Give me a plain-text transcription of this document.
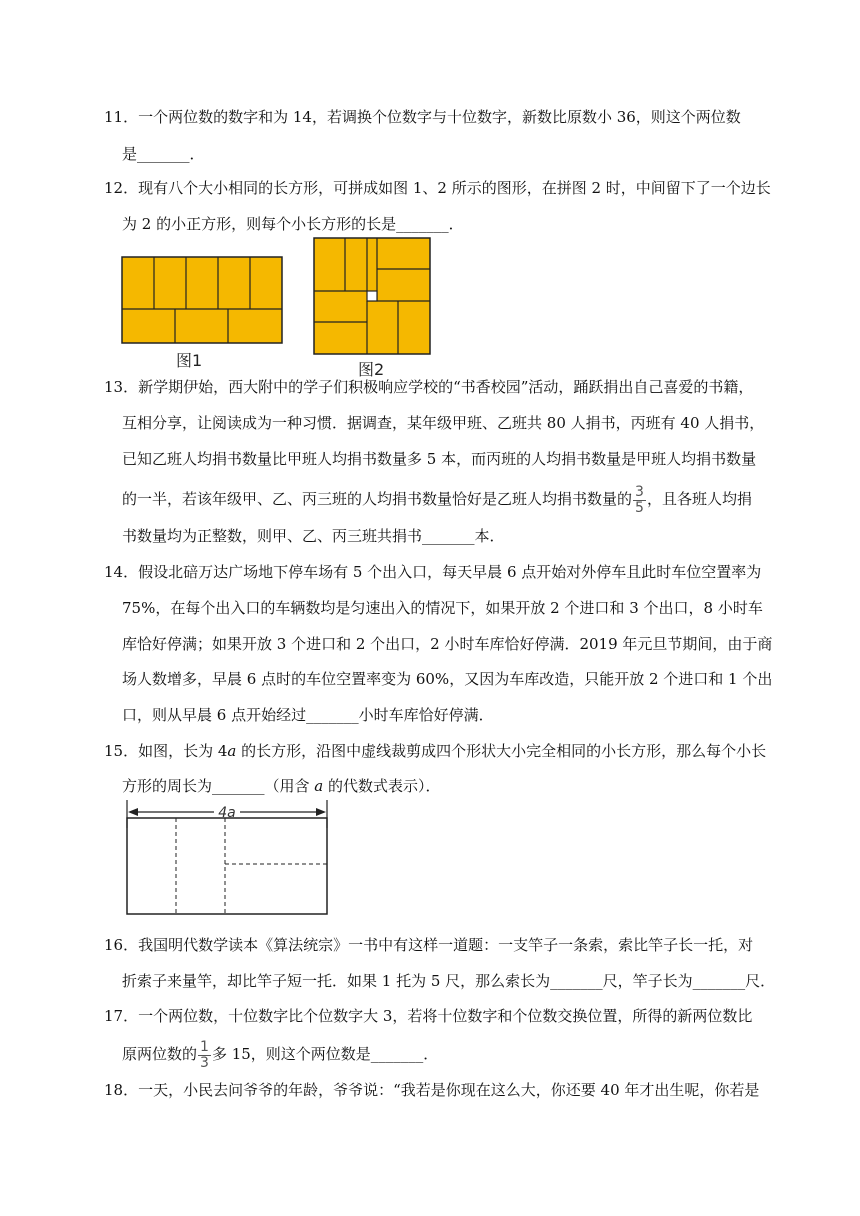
11．一个两位数的数字和为 14，若调换个位数字与十位数字，新数比原数小 36，则这个两位数
是_______．
12．现有八个大小相同的长方形，可拼成如图 1、2 所示的图形，在拼图 2 时，中间留下了一个边长
为 2 的小正方形，则每个小长方形的长是_______．
图1	图2
13．新学期伊始，西大附中的学子们积极响应学校的“书香校园”活动，踊跃捐出自己喜爱的书籍，
互相分享，让阅读成为一种习惯．据调查，某年级甲班、乙班共 80 人捐书，丙班有 40 人捐书，
已知乙班人均捐书数量比甲班人均捐书数量多 5 本，而丙班的人均捐书数量是甲班人均捐书数量
的一半，若该年级甲、乙、丙三班的人均捐书数量恰好是乙班人均捐书数量的 $\frac{3}{5}$ ，且各班人均捐
书数量均为正整数，则甲、乙、丙三班共捐书_______本．
14．假设北碚万达广场地下停车场有 5 个出入口，每天早晨 6 点开始对外停车且此时车位空置率为
75%，在每个出入口的车辆数均是匀速出入的情况下，如果开放 2 个进口和 3 个出口，8 小时车
库恰好停满；如果开放 3 个进口和 2 个出口，2 小时车库恰好停满．2019 年元旦节期间，由于商
场人数增多，早晨 6 点时的车位空置率变为 60%，又因为车库改造，只能开放 2 个进口和 1 个出
口，则从早晨 6 点开始经过_______小时车库恰好停满．
15．如图，长为 4a 的长方形，沿图中虚线裁剪成四个形状大小完全相同的小长方形，那么每个小长
方形的周长为_______（用含 a 的代数式表示）．
4a
16．我国明代数学读本《算法统宗》一书中有这样一道题：一支竿子一条索，索比竿子长一托，对
折索子来量竿，却比竿子短一托．如果 1 托为 5 尺，那么索长为_______尺，竿子长为_______尺．
17．一个两位数，十位数字比个位数字大 3，若将十位数字和个位数交换位置，所得的新两位数比
原两位数的 $\frac{1}{3}$ 多 15，则这个两位数是_______．
18．一天，小民去问爷爷的年龄，爷爷说：“我若是你现在这么大，你还要 40 年才出生呢，你若是
